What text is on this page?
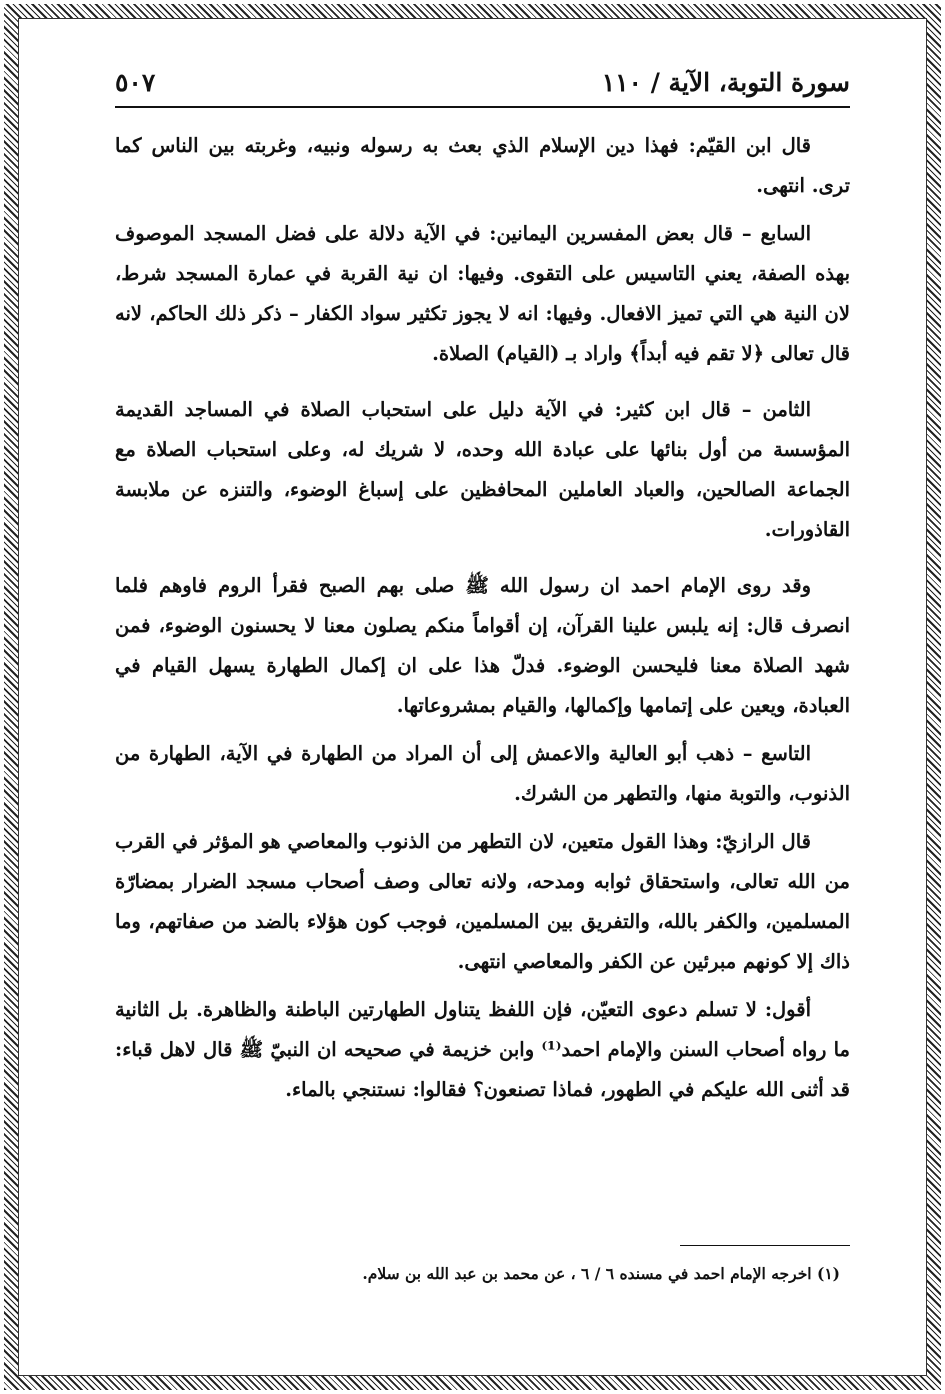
سورة التوبة، الآية / ١١٠
٥٠٧

قال ابن القيّم: فهذا دين الإسلام الذي بعث به رسوله ونبيه، وغربته بين الناس كما ترى. انتهى.

السابع – قال بعض المفسرين اليمانين: في الآية دلالة على فضل المسجد الموصوف بهذه الصفة، يعني التاسيس على التقوى. وفيها: ان نية القربة في عمارة المسجد شرط، لان النية هي التي تميز الافعال. وفيها: انه لا يجوز تكثير سواد الكفار – ذكر ذلك الحاكم، لانه قال تعالى ﴿لا تقم فيه أبداً﴾ واراد بـ (القيام) الصلاة.

الثامن – قال ابن كثير: في الآية دليل على استحباب الصلاة في المساجد القديمة المؤسسة من أول بنائها على عبادة الله وحده، لا شريك له، وعلى استحباب الصلاة مع الجماعة الصالحين، والعباد العاملين المحافظين على إسباغ الوضوء، والتنزه عن ملابسة القاذورات.

وقد روى الإمام احمد ان رسول الله ﷺ صلى بهم الصبح فقرأ الروم فاوهم فلما انصرف قال: إنه يلبس علينا القرآن، إن أقواماً منكم يصلون معنا لا يحسنون الوضوء، فمن شهد الصلاة معنا فليحسن الوضوء. فدلّ هذا على ان إكمال الطهارة يسهل القيام في العبادة، ويعين على إتمامها وإكمالها، والقيام بمشروعاتها.

التاسع – ذهب أبو العالية والاعمش إلى أن المراد من الطهارة في الآية، الطهارة من الذنوب، والتوبة منها، والتطهر من الشرك.

قال الرازيّ: وهذا القول متعين، لان التطهر من الذنوب والمعاصي هو المؤثر في القرب من الله تعالى، واستحقاق ثوابه ومدحه، ولانه تعالى وصف أصحاب مسجد الضرار بمضارّة المسلمين، والكفر بالله، والتفريق بين المسلمين، فوجب كون هؤلاء بالضد من صفاتهم، وما ذاك إلا كونهم مبرئين عن الكفر والمعاصي انتهى.

أقول: لا تسلم دعوى التعيّن، فإن اللفظ يتناول الطهارتين الباطنة والظاهرة. بل الثانية ما رواه أصحاب السنن والإمام احمد⁽¹⁾ وابن خزيمة في صحيحه ان النبيّ ﷺ قال لاهل قباء: قد أثنى الله عليكم في الطهور، فماذا تصنعون؟ فقالوا: نستنجي بالماء.

(١) اخرجه الإمام احمد في مسنده ٦ / ٦ ، عن محمد بن عبد الله بن سلام.
